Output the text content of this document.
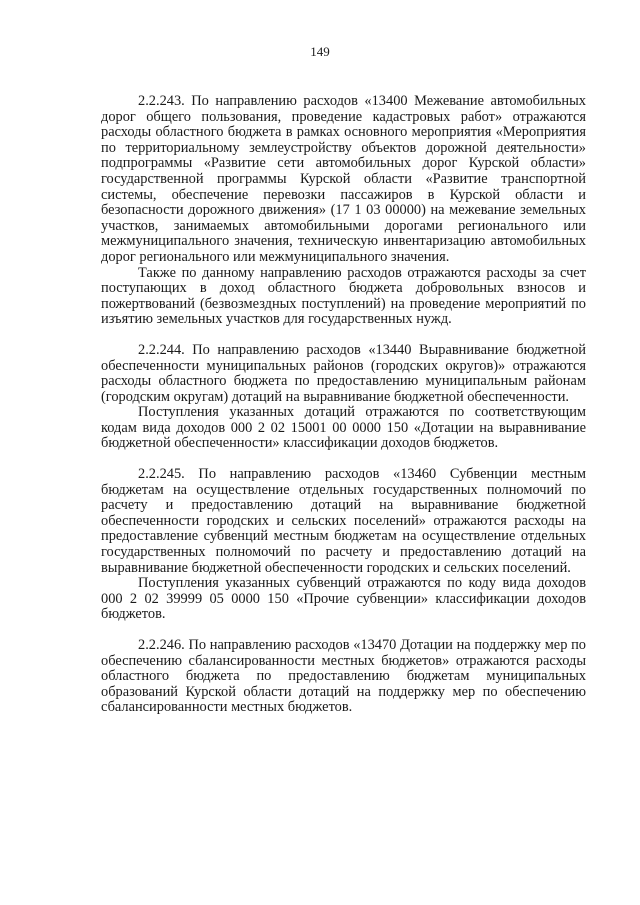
149

2.2.243. По направлению расходов «13400 Межевание автомобильных дорог общего пользования, проведение кадастровых работ» отражаются расходы областного бюджета в рамках основного мероприятия «Мероприятия по территориальному землеустройству объектов дорожной деятельности» подпрограммы «Развитие сети автомобильных дорог Курской области» государственной программы Курской области «Развитие транспортной системы, обеспечение перевозки пассажиров в Курской области и безопасности дорожного движения» (17 1 03 00000) на межевание земельных участков, занимаемых автомобильными дорогами регионального или межмуниципального значения, техническую инвентаризацию автомобильных дорог регионального или межмуниципального значения.

Также по данному направлению расходов отражаются расходы за счет поступающих в доход областного бюджета добровольных взносов и пожертвований (безвозмездных поступлений) на проведение мероприятий по изъятию земельных участков для государственных нужд.

2.2.244. По направлению расходов «13440 Выравнивание бюджетной обеспеченности муниципальных районов (городских округов)» отражаются расходы областного бюджета по предоставлению муниципальным районам (городским округам) дотаций на выравнивание бюджетной обеспеченности.

Поступления указанных дотаций отражаются по соответствующим кодам вида доходов 000 2 02 15001 00 0000 150 «Дотации на выравнивание бюджетной обеспеченности» классификации доходов бюджетов.

2.2.245. По направлению расходов «13460 Субвенции местным бюджетам на осуществление отдельных государственных полномочий по расчету и предоставлению дотаций на выравнивание бюджетной обеспеченности городских и сельских поселений» отражаются расходы на предоставление субвенций местным бюджетам на осуществление отдельных государственных полномочий по расчету и предоставлению дотаций на выравнивание бюджетной обеспеченности городских и сельских поселений.

Поступления указанных субвенций отражаются по коду вида доходов 000 2 02 39999 05 0000 150 «Прочие субвенции» классификации доходов бюджетов.

2.2.246. По направлению расходов «13470 Дотации на поддержку мер по обеспечению сбалансированности местных бюджетов» отражаются расходы областного бюджета по предоставлению бюджетам муниципальных образований Курской области дотаций на поддержку мер по обеспечению сбалансированности местных бюджетов.
